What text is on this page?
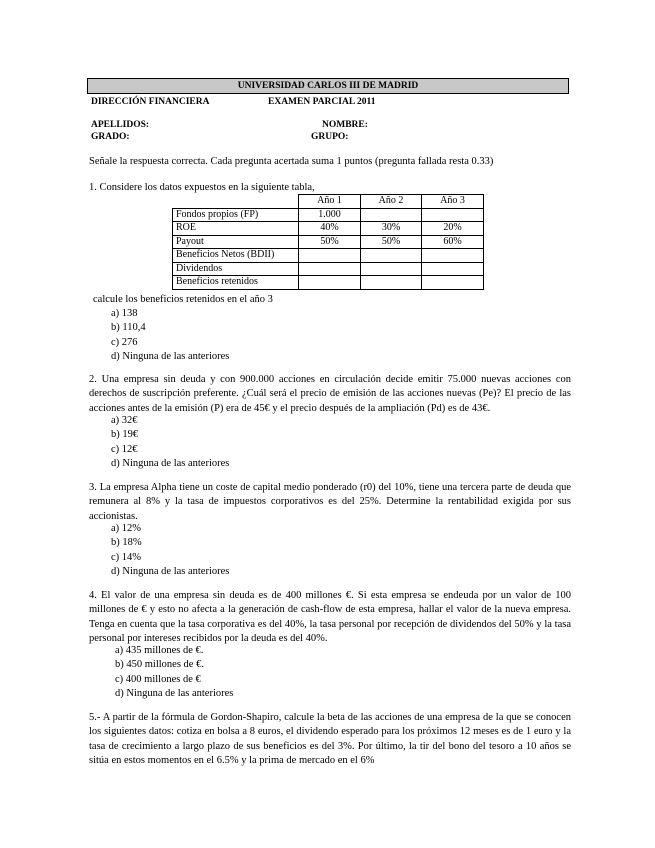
UNIVERSIDAD CARLOS III DE MADRID
DIRECCIÓN FINANCIERA	EXAMEN PARCIAL 2011
APELLIDOS:	NOMBRE:
GRADO:	GRUPO:
Señale la respuesta correcta. Cada pregunta acertada suma 1 puntos (pregunta fallada resta 0.33)
1. Considere los datos expuestos en la siguiente tabla,
	Año 1	Año 2	Año 3
Fondos propios (FP)	1.000		
ROE	40%	30%	20%
Payout	50%	50%	60%
Beneficios Netos (BDII)			
Dividendos			
Beneficios retenidos			
calcule los beneficios retenidos en el año 3
a) 138
b) 110,4
c) 276
d) Ninguna de las anteriores
2. Una empresa sin deuda y con 900.000 acciones en circulación decide emitir 75.000 nuevas acciones con derechos de suscripción preferente. ¿Cuál será el precio de emisión de las acciones nuevas (Pe)? El precio de las acciones antes de la emisión (P) era de 45€ y el precio después de la ampliación (Pd) es de 43€.
a) 32€
b) 19€
c) 12€
d) Ninguna de las anteriores
3. La empresa Alpha tiene un coste de capital medio ponderado (r0) del 10%, tiene una tercera parte de deuda que remunera al 8% y la tasa de impuestos corporativos es del 25%. Determine la rentabilidad exigida por sus accionistas.
a) 12%
b) 18%
c) 14%
d) Ninguna de las anteriores
4. El valor de una empresa sin deuda es de 400 millones €. Si esta empresa se endeuda por un valor de 100 millones de € y esto no afecta a la generación de cash-flow de esta empresa, hallar el valor de la nueva empresa. Tenga en cuenta que la tasa corporativa es del 40%, la tasa personal por recepción de dividendos del 50% y la tasa personal por intereses recibidos por la deuda es del 40%.
a) 435 millones de €.
b) 450 millones de €.
c) 400 millones de €
d) Ninguna de las anteriores
5.- A partir de la fórmula de Gordon-Shapiro, calcule la beta de las acciones de una empresa de la que se conocen los siguientes datos: cotiza en bolsa a 8 euros, el dividendo esperado para los próximos 12 meses es de 1 euro y la tasa de crecimiento a largo plazo de sus beneficios es del 3%. Por último, la tir del bono del tesoro a 10 años se sitúa en estos momentos en el 6.5% y la prima de mercado en el 6%
